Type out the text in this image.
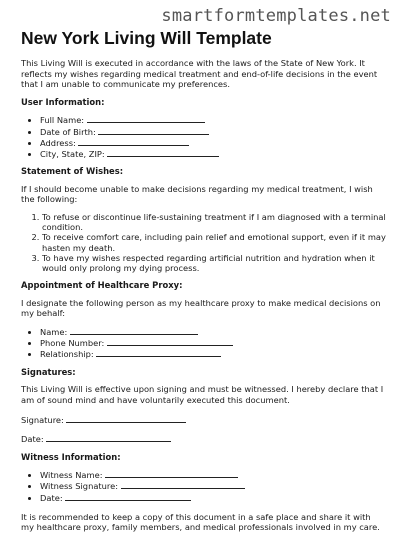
smartformtemplates.net
New York Living Will Template

This Living Will is executed in accordance with the laws of the State of New York. It reflects my wishes regarding medical treatment and end-of-life decisions in the event that I am unable to communicate my preferences.

User Information:
• Full Name:
• Date of Birth:
• Address:
• City, State, ZIP:
Statement of Wishes:

If I should become unable to make decisions regarding my medical treatment, I wish the following:

1. To refuse or discontinue life-sustaining treatment if I am diagnosed with a terminal condition.
2. To receive comfort care, including pain relief and emotional support, even if it may hasten my death.
3. To have my wishes respected regarding artificial nutrition and hydration when it would only prolong my dying process.
Appointment of Healthcare Proxy:

I designate the following person as my healthcare proxy to make medical decisions on my behalf:

• Name:
• Phone Number:
• Relationship:
Signatures:

This Living Will is effective upon signing and must be witnessed. I hereby declare that I am of sound mind and have voluntarily executed this document.

Signature:

Date:

Witness Information:
• Witness Name:
• Witness Signature:
• Date:

It is recommended to keep a copy of this document in a safe place and share it with my healthcare proxy, family members, and medical professionals involved in my care.
